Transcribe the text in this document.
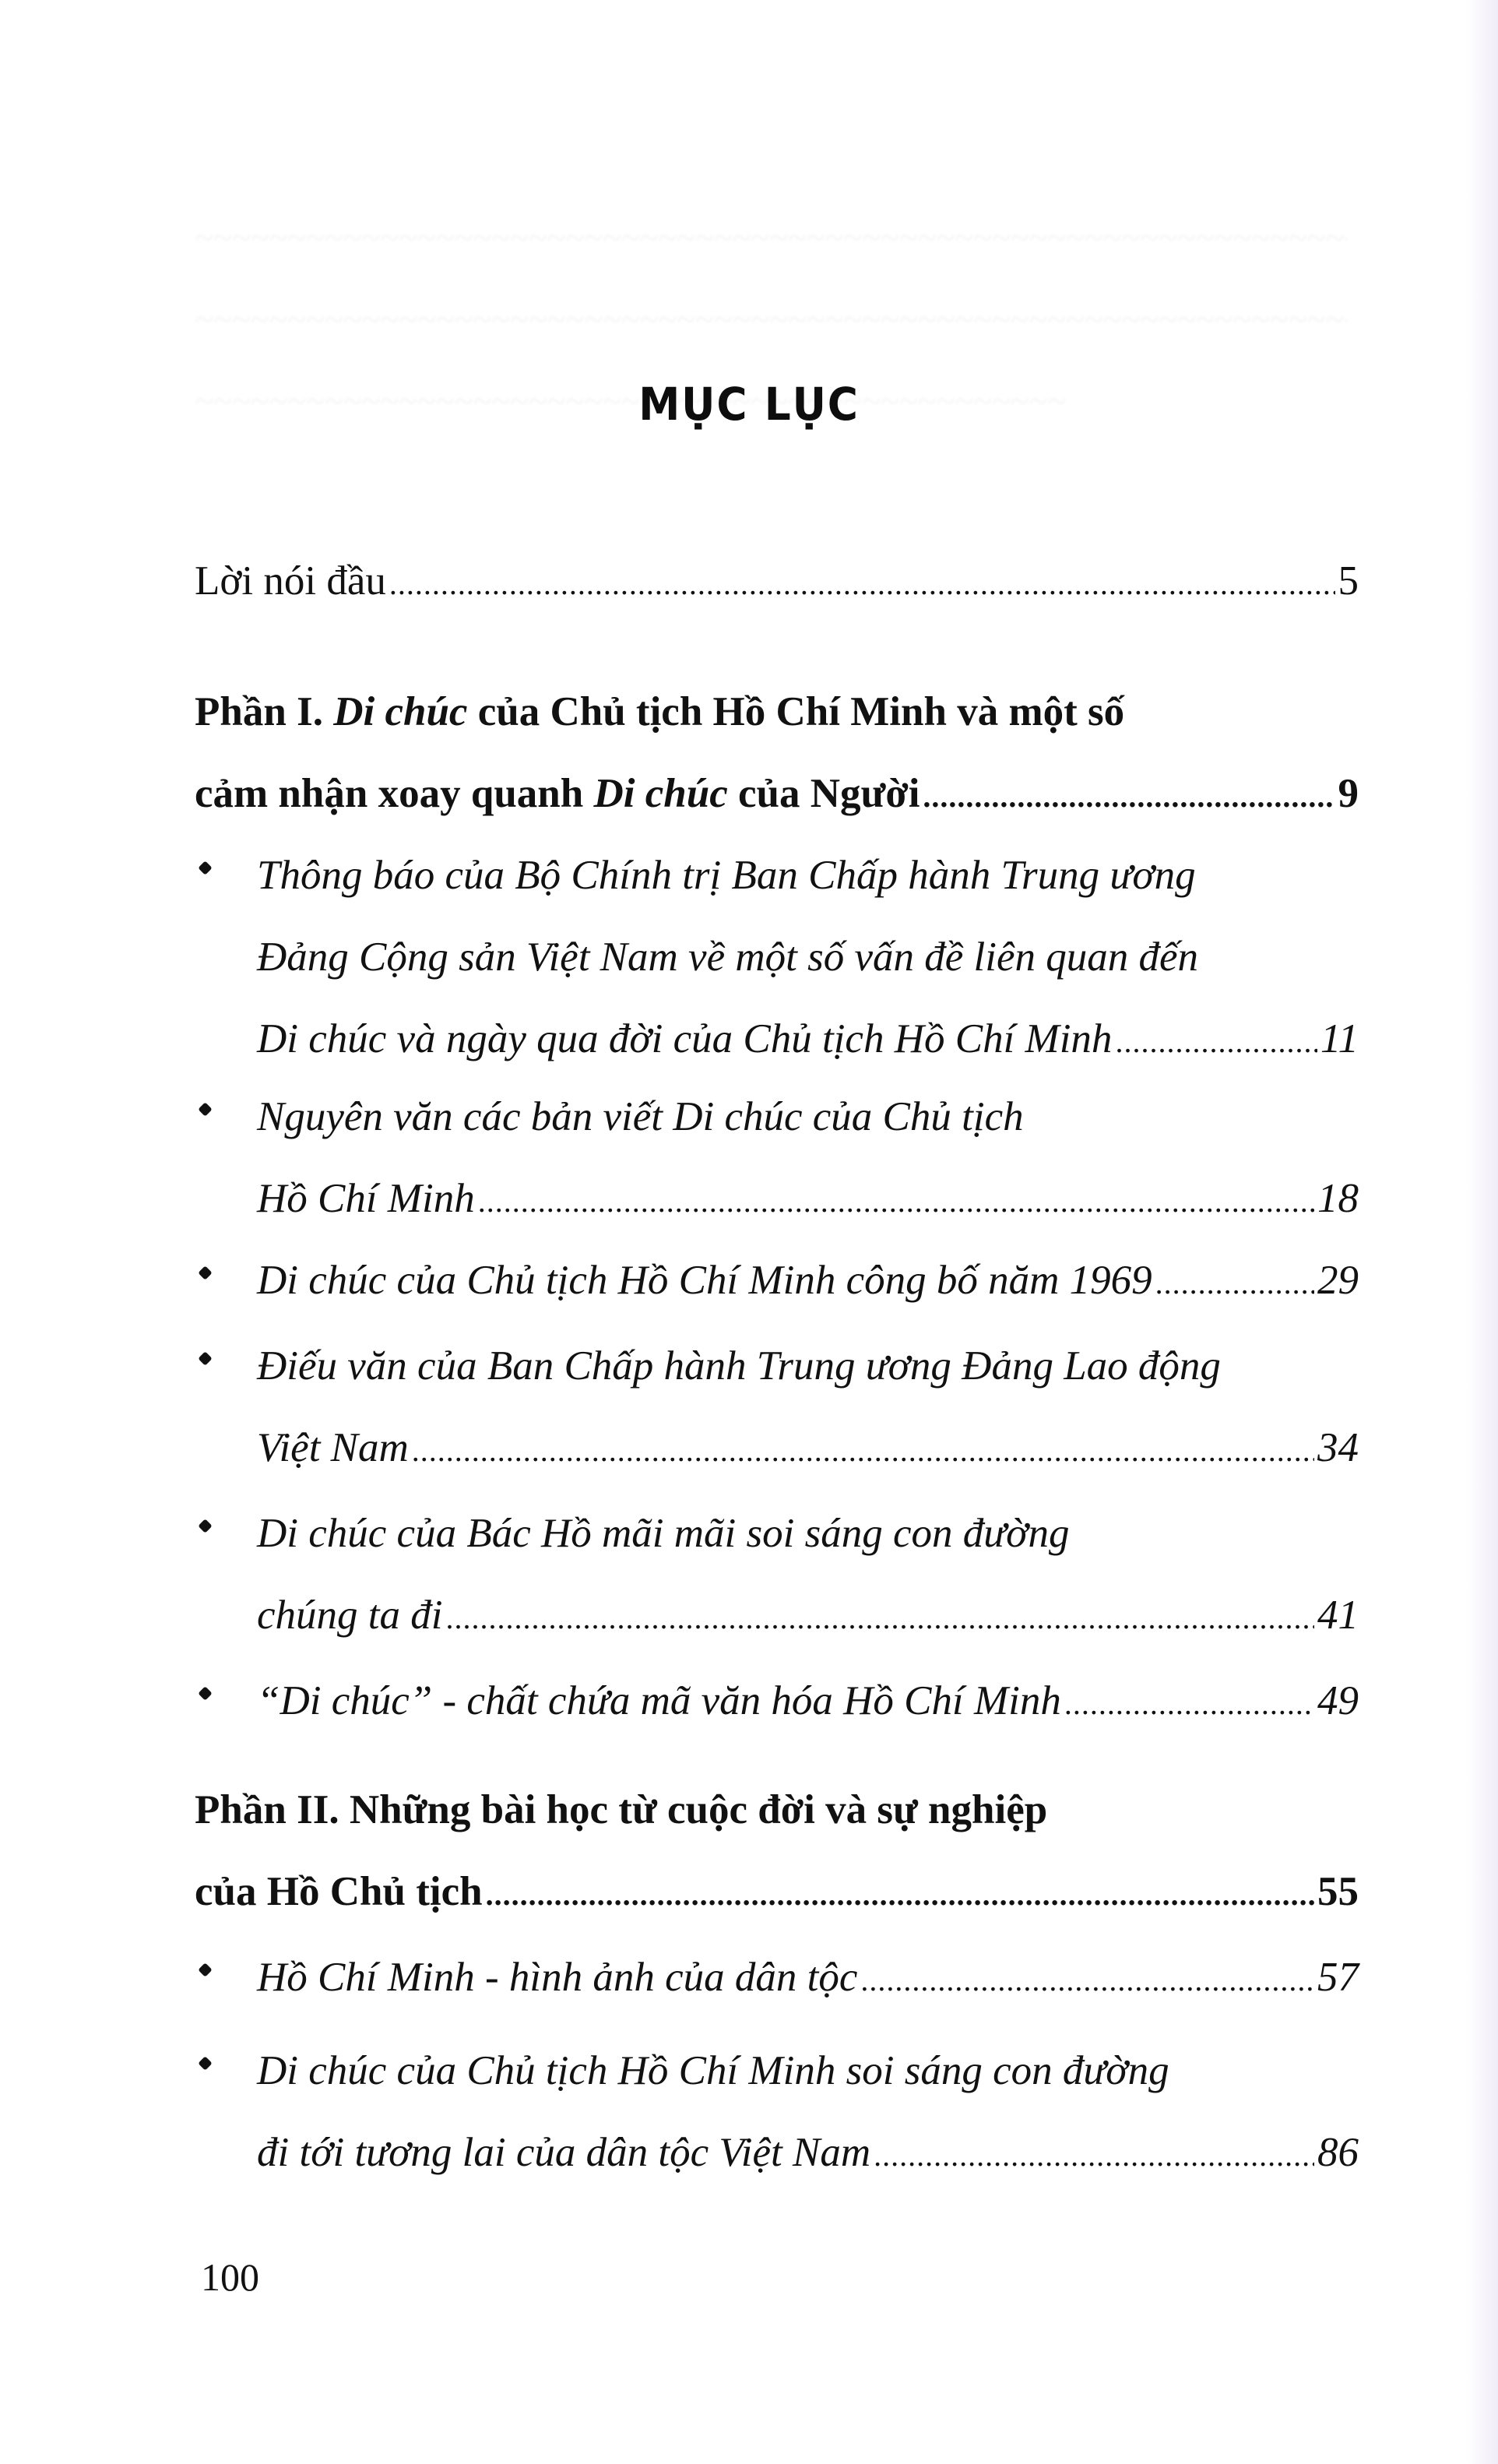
MỤC LỤC
Lời nói đầu .....	5
Phần I. Di chúc của Chủ tịch Hồ Chí Minh và một số
cảm nhận xoay quanh Di chúc của Người .....	9
Thông báo của Bộ Chính trị Ban Chấp hành Trung ương
Đảng Cộng sản Việt Nam về một số vấn đề liên quan đến
Di chúc và ngày qua đời của Chủ tịch Hồ Chí Minh .....	11
Nguyên văn các bản viết Di chúc của Chủ tịch
Hồ Chí Minh .....	18
Di chúc của Chủ tịch Hồ Chí Minh công bố năm 1969 .....	29
Điếu văn của Ban Chấp hành Trung ương Đảng Lao động
Việt Nam .....	34
Di chúc của Bác Hồ mãi mãi soi sáng con đường
chúng ta đi .....	41
“Di chúc” - chất chứa mã văn hóa Hồ Chí Minh .....	49
Phần II. Những bài học từ cuộc đời và sự nghiệp
của Hồ Chủ tịch .....	55
Hồ Chí Minh - hình ảnh của dân tộc .....	57
Di chúc của Chủ tịch Hồ Chí Minh soi sáng con đường
đi tới tương lai của dân tộc Việt Nam .....	86
100
